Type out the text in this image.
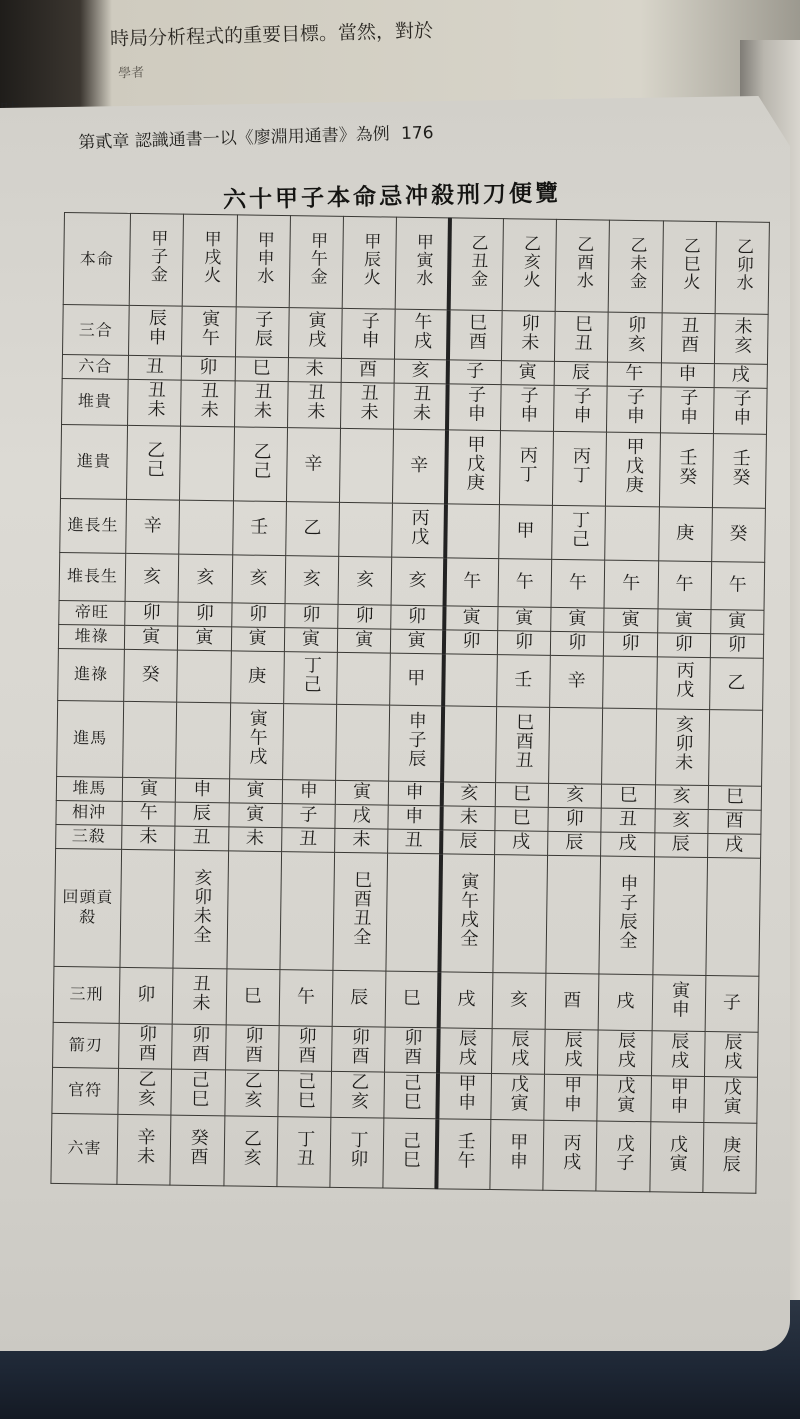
時局分析程式的重要目標。當然，對於
學者
第貳章 認識通書一以《廖淵用通書》為例 176
六十甲子本命忌冲殺刑刀便覽
本命	甲子金	甲戌火	甲申水	甲午金	甲辰火	甲寅水	乙丑金	乙亥火	乙酉水	乙未金	乙巳火	乙卯水
三合	辰申	寅午	子辰	寅戌	子申	午戌	巳酉	卯未	巳丑	卯亥	丑酉	未亥
六合	丑	卯	巳	未	酉	亥	子	寅	辰	午	申	戌
堆貴	丑未	丑未	丑未	丑未	丑未	丑未	子申	子申	子申	子申	子申	子申
進貴	乙己		乙己	辛		辛	甲戊庚	丙丁	丙丁	甲戊庚	壬癸	壬癸
進長生	辛		壬	乙		丙戊		甲	丁己		庚	癸
堆長生	亥	亥	亥	亥	亥	亥	午	午	午	午	午	午
帝旺	卯	卯	卯	卯	卯	卯	寅	寅	寅	寅	寅	寅
堆祿	寅	寅	寅	寅	寅	寅	卯	卯	卯	卯	卯	卯
進祿	癸		庚	丁己		甲		壬	辛		丙戊	乙
進馬			寅午戌			申子辰		巳酉丑			亥卯未	
堆馬	寅	申	寅	申	寅	申	亥	巳	亥	巳	亥	巳
相沖	午	辰	寅	子	戌	申	未	巳	卯	丑	亥	酉
三殺	未	丑	未	丑	未	丑	辰	戌	辰	戌	辰	戌
回頭貢殺		亥卯未全			巳酉丑全		寅午戌全			申子辰全		
三刑	卯	丑未	巳	午	辰	巳	戌	亥	酉	戌	寅申	子
箭刃	卯酉	卯酉	卯酉	卯酉	卯酉	卯酉	辰戌	辰戌	辰戌	辰戌	辰戌	辰戌
官符	乙亥	己巳	乙亥	己巳	乙亥	己巳	甲申	戊寅	甲申	戊寅	甲申	戊寅
六害	辛未	癸酉	乙亥	丁丑	丁卯	己巳	壬午	甲申	丙戌	戊子	戊寅	庚辰
